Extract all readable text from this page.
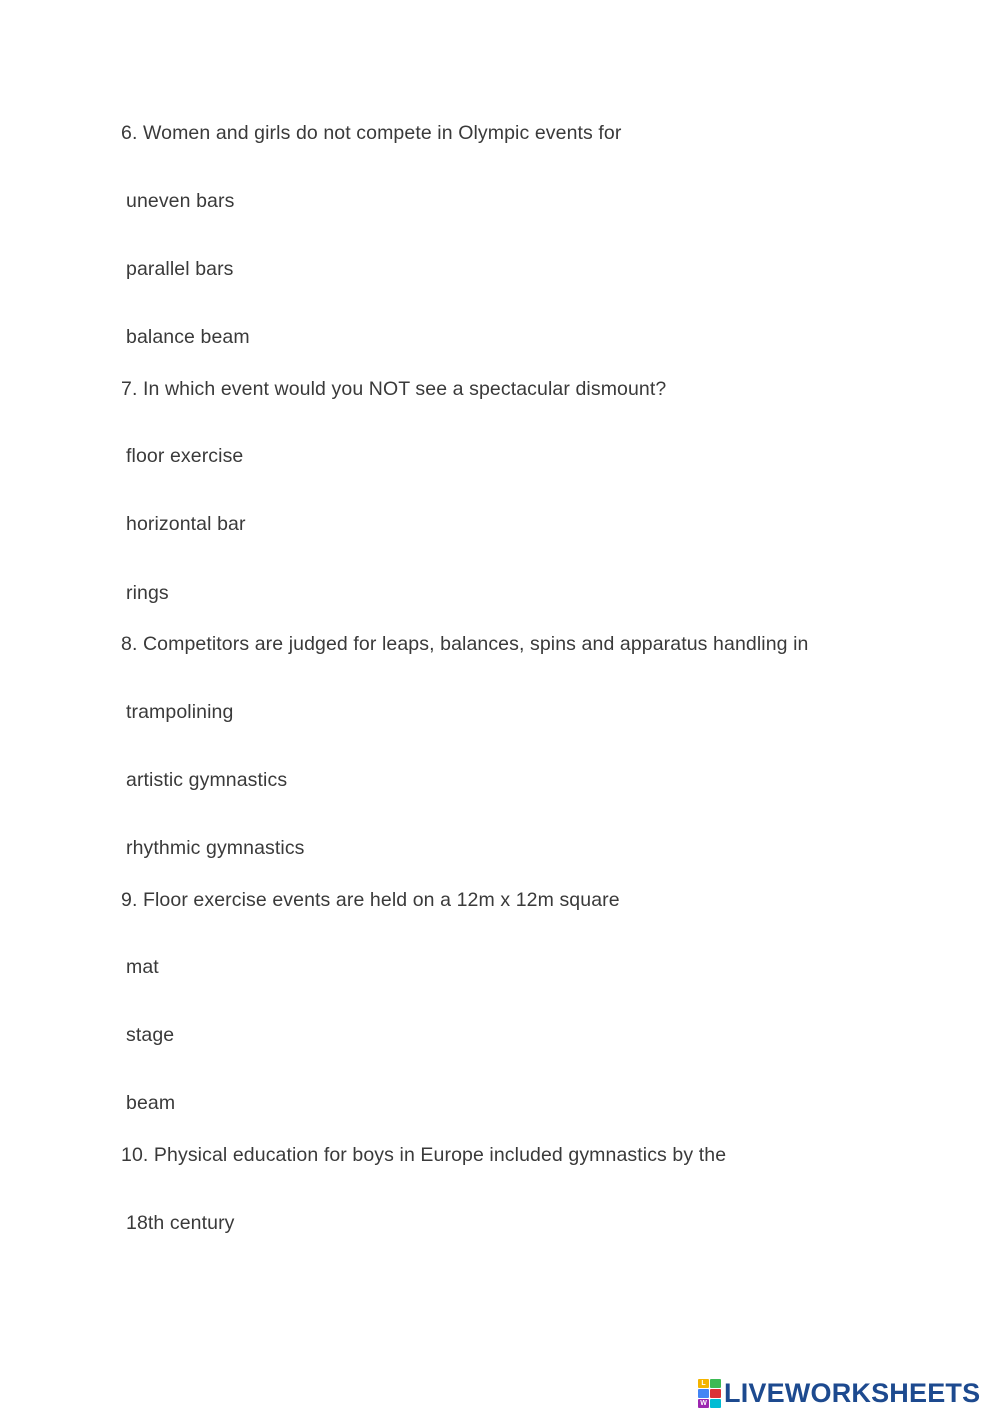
6. Women and girls do not compete in Olympic events for
uneven bars
parallel bars
balance beam
7. In which event would you NOT see a spectacular dismount?
floor exercise
horizontal bar
rings
8. Competitors are judged for leaps, balances, spins and apparatus handling in
trampolining
artistic gymnastics
rhythmic gymnastics
9. Floor exercise events are held on a 12m x 12m square
mat
stage
beam
10. Physical education for boys in Europe included gymnastics by the
18th century
L
W LIVEWORKSHEETS
